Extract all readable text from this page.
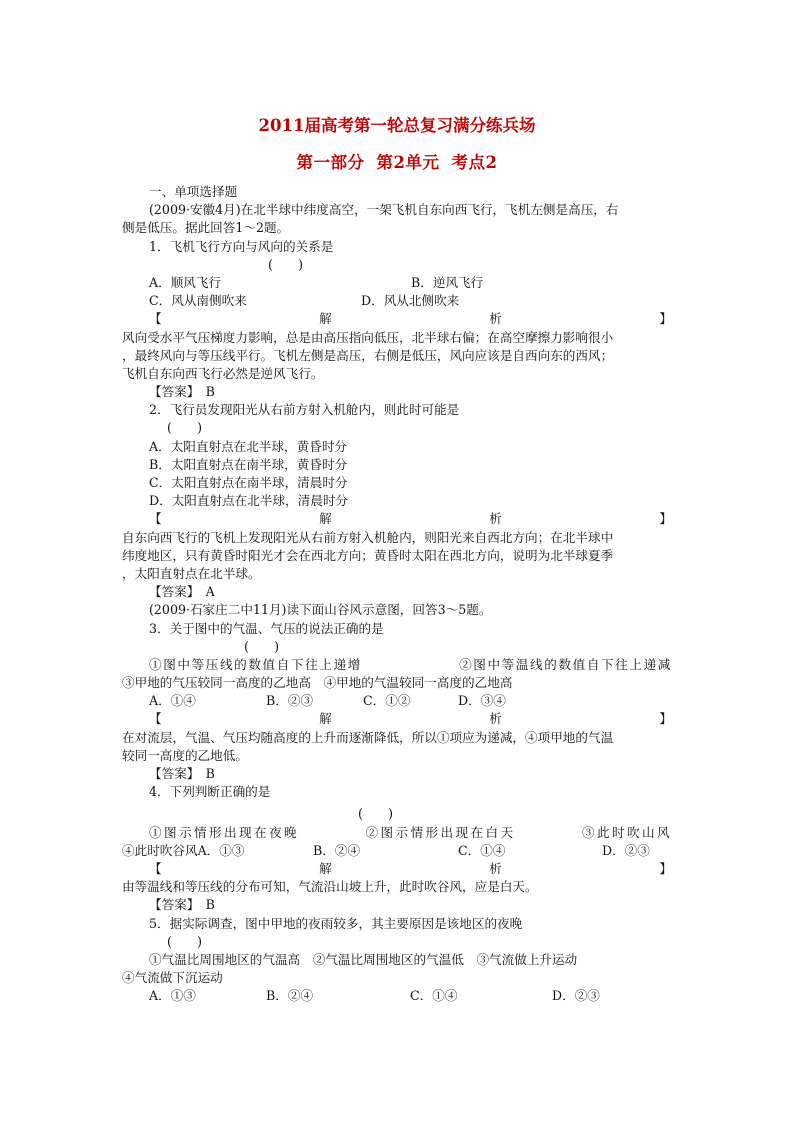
2011届高考第一轮总复习满分练兵场
第一部分 第2单元 考点2
一、单项选择题
(2009·安徽4月)在北半球中纬度高空，一架飞机自东向西飞行，飞机左侧是高压，右
侧是低压。据此回答1～2题。
1．飞机飞行方向与风向的关系是
(　　)
A．顺风飞行	B．逆风飞行
C．风从南侧吹来	D．风从北侧吹来
【	解	析	】
风向受水平气压梯度力影响，总是由高压指向低压，北半球右偏；在高空摩擦力影响很小
，最终风向与等压线平行。飞机左侧是高压，右侧是低压，风向应该是自西向东的西风；
飞机自东向西飞行必然是逆风飞行。
【答案】　 B
2．飞行员发现阳光从右前方射入机舱内，则此时可能是
(　　)
A．太阳直射点在北半球，黄昏时分
B．太阳直射点在南半球，黄昏时分
C．太阳直射点在南半球，清晨时分
D．太阳直射点在北半球，清晨时分
【	解	析	】
自东向西飞行的飞机上发现阳光从右前方射入机舱内，则阳光来自西北方向；在北半球中
纬度地区，只有黄昏时阳光才会在西北方向；黄昏时太阳在西北方向，说明为北半球夏季
，太阳直射点在北半球。
【答案】　 A
(2009·石家庄二中11月)读下面山谷风示意图，回答3～5题。
3．关于图中的气温、气压的说法正确的是
(　　)
①图中等压线的数值自下往上递增	②图中等温线的数值自下往上递减
③甲地的气压较同一高度的乙地高　④甲地的气温较同一高度的乙地高
A．①④	B．②③	C．①②	D．③④
【	解	析	】
在对流层，气温、气压均随高度的上升而逐渐降低，所以①项应为递减，④项甲地的气温
较同一高度的乙地低。
【答案】　 B
4．下列判断正确的是
(　　)
①图示情形出现在夜晚	②图示情形出现在白天	③此时吹山风
④此时吹谷风A．①③	B．②④	C．①④	D．②③
【	解	析	】
由等温线和等压线的分布可知，气流沿山坡上升，此时吹谷风，应是白天。
【答案】　 B
5．据实际调查，图中甲地的夜雨较多，其主要原因是该地区的夜晚
(　　)
①气温比周围地区的气温高　②气温比周围地区的气温低　③气流做上升运动
④气流做下沉运动
A．①③	B．②④	C．①④	D．②③
